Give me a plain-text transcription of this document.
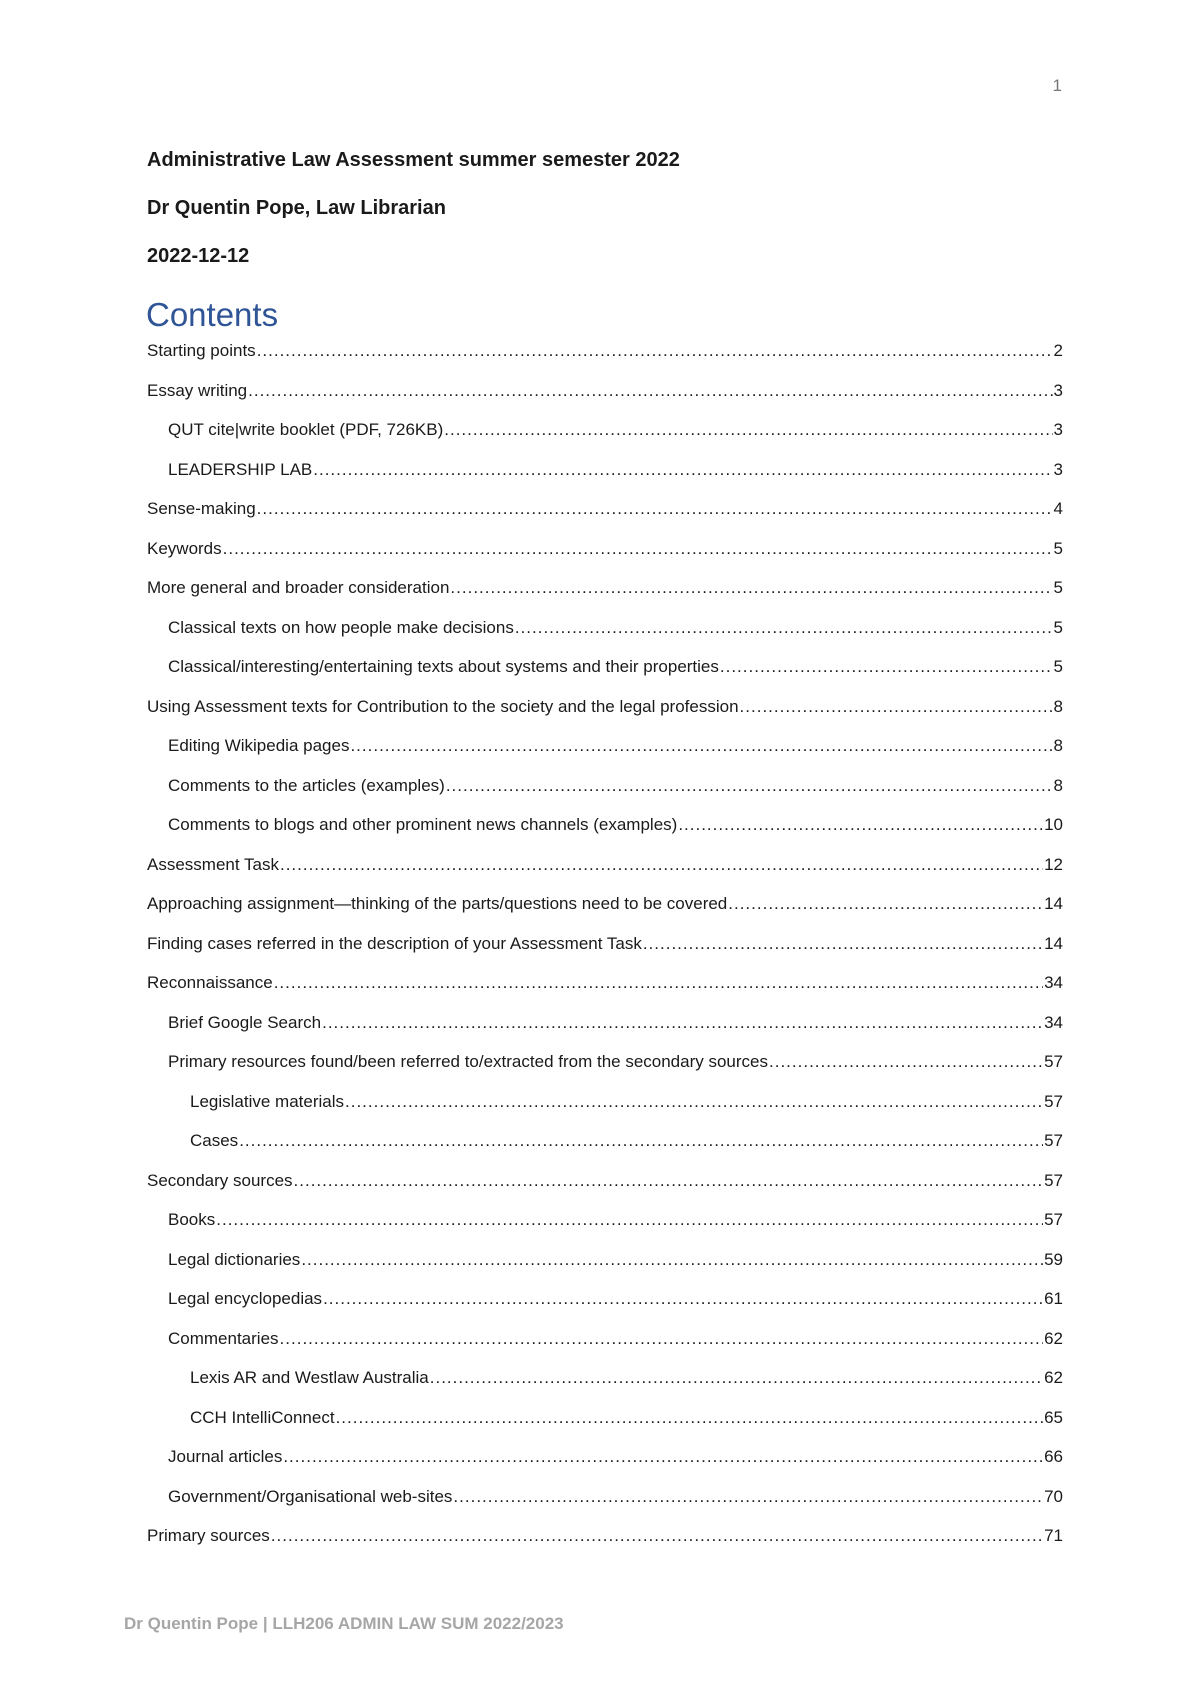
1

Administrative Law Assessment summer semester 2022

Dr Quentin Pope, Law Librarian

2022-12-12

Contents
Starting points .....	2
Essay writing .....	3
QUT cite|write booklet (PDF, 726KB) .....	3
LEADERSHIP LAB .....	3
Sense-making .....	4
Keywords .....	5
More general and broader consideration .....	5
Classical texts on how people make decisions .....	5
Classical/interesting/entertaining texts about systems and their properties .....	5
Using Assessment texts for Contribution to the society and the legal profession .....	8
Editing Wikipedia pages .....	8
Comments to the articles (examples) .....	8
Comments to blogs and other prominent news channels (examples) .....	10
Assessment Task .....	12
Approaching assignment—thinking of the parts/questions need to be covered .....	14
Finding cases referred in the description of your Assessment Task .....	14
Reconnaissance .....	34
Brief Google Search .....	34
Primary resources found/been referred to/extracted from the secondary sources .....	57
Legislative materials .....	57
Cases .....	57
Secondary sources .....	57
Books .....	57
Legal dictionaries .....	59
Legal encyclopedias .....	61
Commentaries .....	62
Lexis AR and Westlaw Australia .....	62
CCH IntelliConnect .....	65
Journal articles .....	66
Government/Organisational web-sites .....	70
Primary sources .....	71
Dr Quentin Pope | LLH206 ADMIN LAW SUM 2022/2023
